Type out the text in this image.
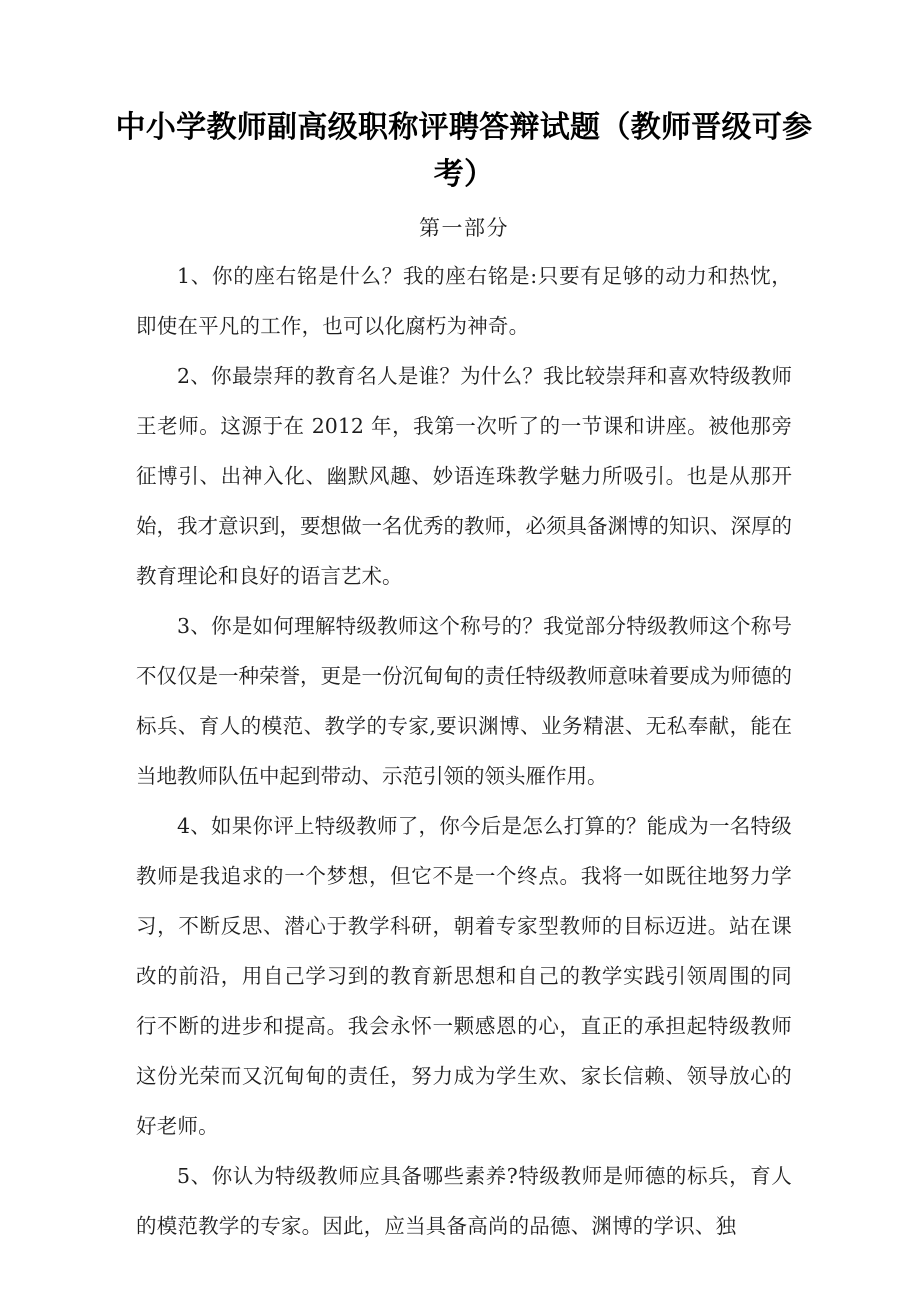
中小学教师副高级职称评聘答辩试题（教师晋级可参考）
第一部分

1、你的座右铭是什么？我的座右铭是:只要有足够的动力和热忱，即使在平凡的工作，也可以化腐朽为神奇。

2、你最崇拜的教育名人是谁？为什么？我比较崇拜和喜欢特级教师王老师。这源于在 2012 年，我第一次听了的一节课和讲座。被他那旁征博引、出神入化、幽默风趣、妙语连珠教学魅力所吸引。也是从那开始，我才意识到，要想做一名优秀的教师，必须具备渊博的知识、深厚的教育理论和良好的语言艺术。

3、你是如何理解特级教师这个称号的？我觉部分特级教师这个称号不仅仅是一种荣誉，更是一份沉甸甸的责任特级教师意味着要成为师德的标兵、育人的模范、教学的专家,要识渊博、业务精湛、无私奉献，能在当地教师队伍中起到带动、示范引领的领头雁作用。

4、如果你评上特级教师了，你今后是怎么打算的？能成为一名特级教师是我追求的一个梦想，但它不是一个终点。我将一如既往地努力学习，不断反思、潜心于教学科研，朝着专家型教师的目标迈进。站在课改的前沿，用自己学习到的教育新思想和自己的教学实践引领周围的同行不断的进步和提高。我会永怀一颗感恩的心，直正的承担起特级教师这份光荣而又沉甸甸的责任，努力成为学生欢、家长信赖、领导放心的好老师。

5、你认为特级教师应具备哪些素养?特级教师是师德的标兵，育人的模范教学的专家。因此，应当具备高尚的品德、渊博的学识、独
